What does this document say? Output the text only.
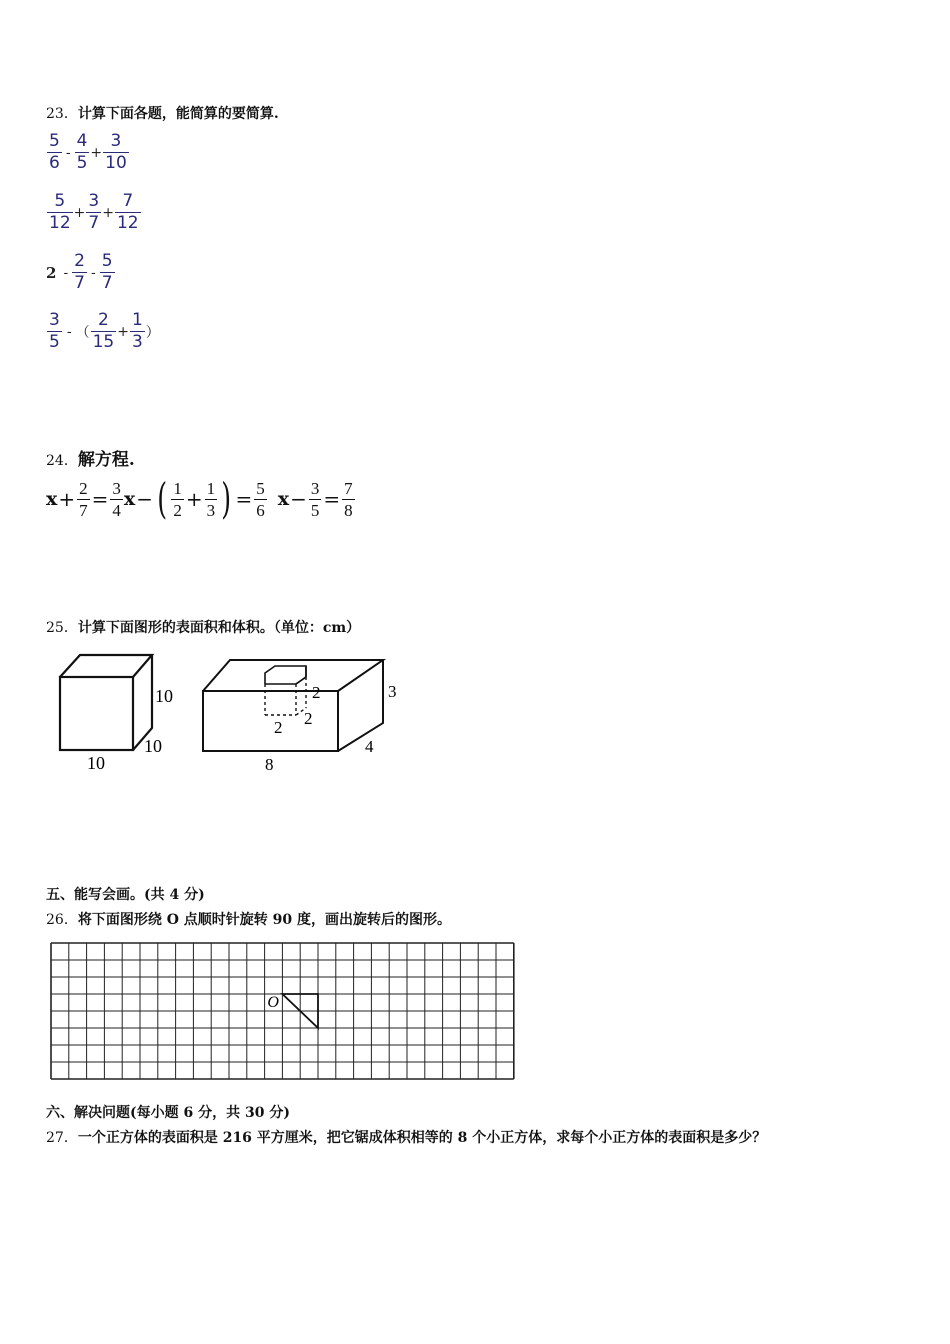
23．计算下面各题，能简算的要简算.
$\frac{5}{6} - \frac{4}{5} + \frac{3}{10}$
$\frac{5}{12} + \frac{3}{7} + \frac{7}{12}$
$2 - \frac{2}{7} - \frac{5}{7}$
$\frac{3}{5}$ - （ $\frac{2}{15} + \frac{1}{3}$ ）
24．解方程.
$x + \frac{2}{7} = \frac{3}{4}$ x − ( $\frac{1}{2} + \frac{1}{3}$ ) = $\frac{5}{6}$ $x - \frac{3}{5} = \frac{7}{8}$
25．计算下面图形的表面积和体积。（单位：cm）
10
10
10
2
2
2
3
4
8
五、能写会画。(共 4 分)
26．将下面图形绕 O 点顺时针旋转 90 度，画出旋转后的图形。
O
六、解决问题(每小题 6 分，共 30 分)
27．一个正方体的表面积是 216 平方厘米，把它锯成体积相等的 8 个小正方体，求每个小正方体的表面积是多少？
